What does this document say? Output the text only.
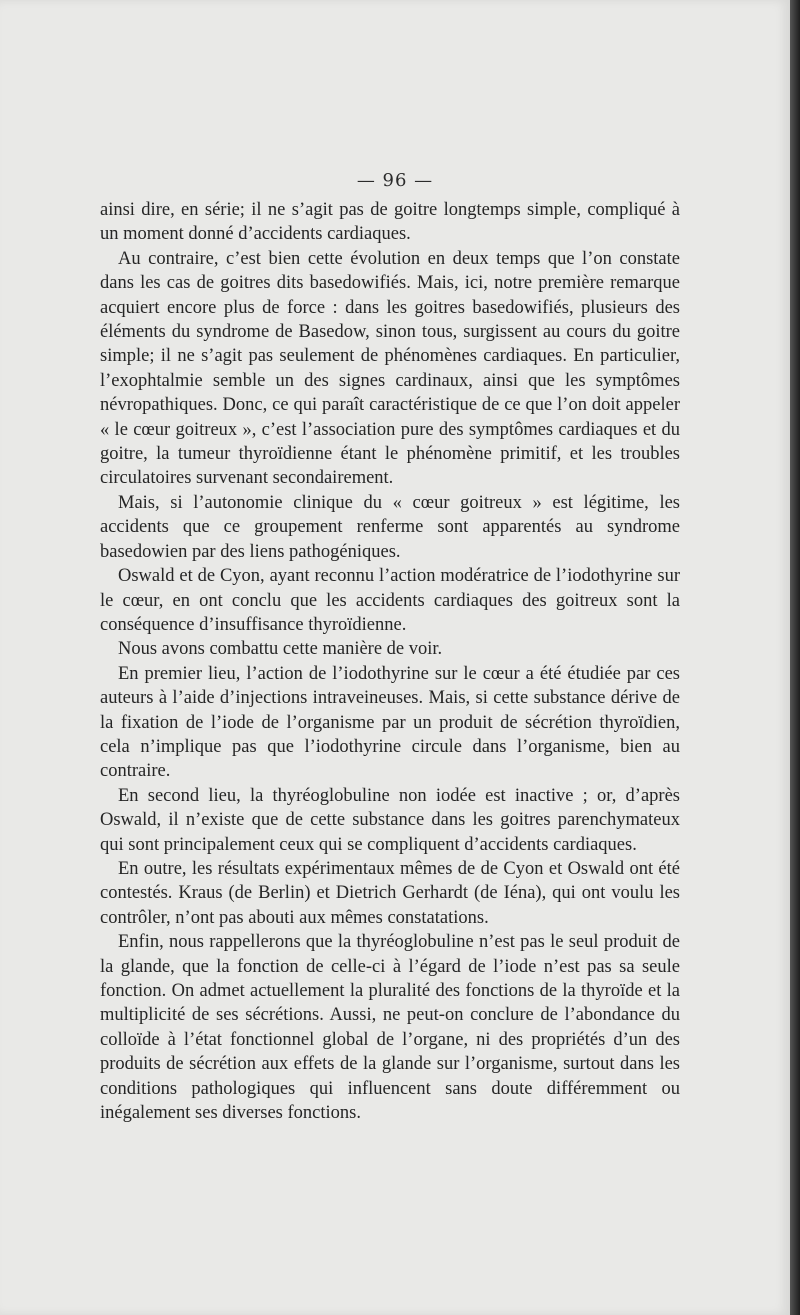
— 96 —

ainsi dire, en série; il ne s’agit pas de goitre longtemps simple, compliqué à un moment donné d’accidents cardiaques.

Au contraire, c’est bien cette évolution en deux temps que l’on constate dans les cas de goitres dits basedowifiés. Mais, ici, notre première remarque acquiert encore plus de force : dans les goitres basedowifiés, plusieurs des éléments du syndrome de Basedow, sinon tous, surgissent au cours du goitre simple; il ne s’agit pas seulement de phénomènes cardiaques. En particulier, l’exophtalmie semble un des signes cardinaux, ainsi que les symptômes névropathiques. Donc, ce qui paraît caractéristique de ce que l’on doit appeler « le cœur goitreux », c’est l’association pure des symptômes cardiaques et du goitre, la tumeur thyroïdienne étant le phénomène primitif, et les troubles circulatoires survenant secondairement.

Mais, si l’autonomie clinique du « cœur goitreux » est légitime, les accidents que ce groupement renferme sont apparentés au syndrome basedowien par des liens pathogéniques.

Oswald et de Cyon, ayant reconnu l’action modératrice de l’iodothyrine sur le cœur, en ont conclu que les accidents cardiaques des goitreux sont la conséquence d’insuffisance thyroïdienne.

Nous avons combattu cette manière de voir.

En premier lieu, l’action de l’iodothyrine sur le cœur a été étudiée par ces auteurs à l’aide d’injections intraveineuses. Mais, si cette substance dérive de la fixation de l’iode de l’organisme par un produit de sécrétion thyroïdien, cela n’implique pas que l’iodothyrine circule dans l’organisme, bien au contraire.

En second lieu, la thyréoglobuline non iodée est inactive ; or, d’après Oswald, il n’existe que de cette substance dans les goitres parenchymateux qui sont principalement ceux qui se compliquent d’accidents cardiaques.

En outre, les résultats expérimentaux mêmes de de Cyon et Oswald ont été contestés. Kraus (de Berlin) et Dietrich Gerhardt (de Iéna), qui ont voulu les contrôler, n’ont pas abouti aux mêmes constatations.

Enfin, nous rappellerons que la thyréoglobuline n’est pas le seul produit de la glande, que la fonction de celle-ci à l’égard de l’iode n’est pas sa seule fonction. On admet actuellement la pluralité des fonctions de la thyroïde et la multiplicité de ses sécrétions. Aussi, ne peut-on conclure de l’abondance du colloïde à l’état fonctionnel global de l’organe, ni des propriétés d’un des produits de sécrétion aux effets de la glande sur l’organisme, surtout dans les conditions pathologiques qui influencent sans doute différemment ou inégalement ses diverses fonctions.
